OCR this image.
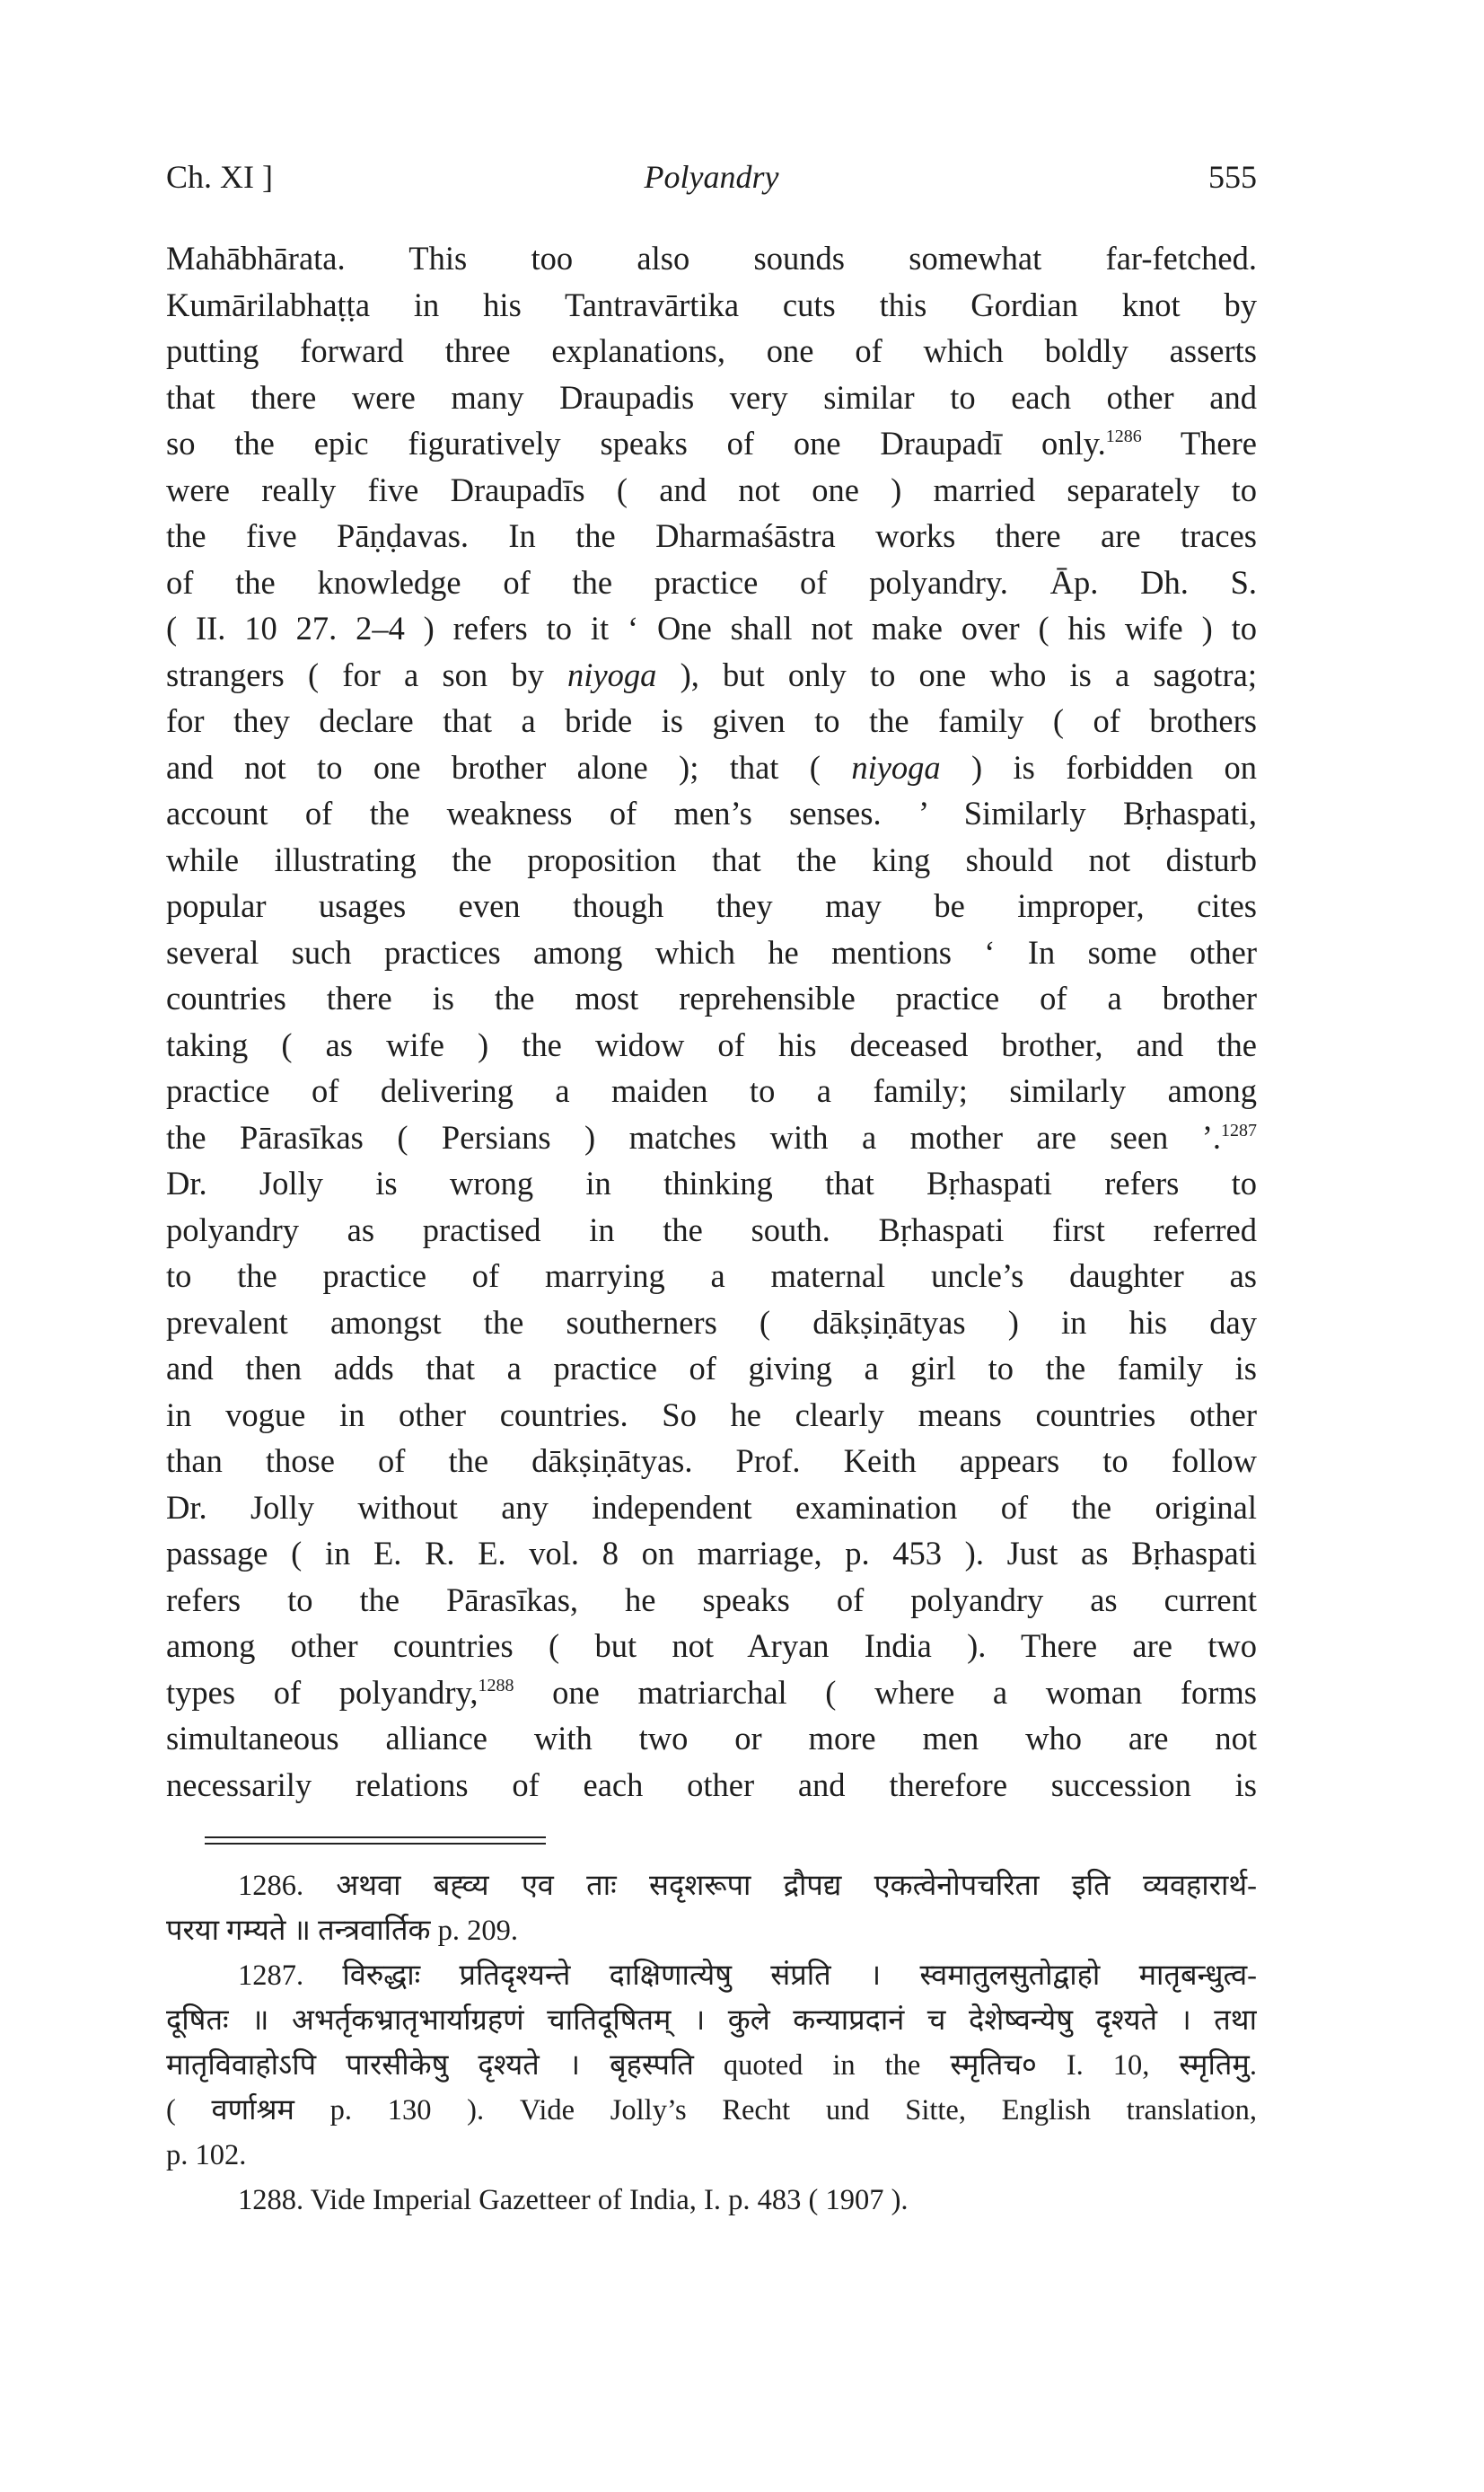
Ch. XI ]	Polyandry	555
Mahābhārata. This too also sounds somewhat far-fetched.
Kumārilabhaṭṭa in his Tantravārtika cuts this Gordian knot by
putting forward three explanations, one of which boldly asserts
that there were many Draupadis very similar to each other and
so the epic figuratively speaks of one Draupadī only.$^{1286}$ There
were really five Draupadīs ( and not one ) married separately to
the five Pāṇḍavas. In the Dharmaśāstra works there are traces
of the knowledge of the practice of polyandry. Āp. Dh. S.
( II. 10 27. 2–4 ) refers to it ‘ One shall not make over ( his wife ) to
strangers ( for a son by niyoga ), but only to one who is a sagotra;
for they declare that a bride is given to the family ( of brothers
and not to one brother alone ); that ( niyoga ) is forbidden on
account of the weakness of men’s senses. ’ Similarly Bṛhaspati,
while illustrating the proposition that the king should not disturb
popular usages even though they may be improper, cites
several such practices among which he mentions ‘ In some other
countries there is the most reprehensible practice of a brother
taking ( as wife ) the widow of his deceased brother, and the
practice of delivering a maiden to a family; similarly among
the Pārasīkas ( Persians ) matches with a mother are seen ’.$^{1287}$
Dr. Jolly is wrong in thinking that Bṛhaspati refers to
polyandry as practised in the south. Bṛhaspati first referred
to the practice of marrying a maternal uncle’s daughter as
prevalent amongst the southerners ( dākṣiṇātyas ) in his day
and then adds that a practice of giving a girl to the family is
in vogue in other countries. So he clearly means countries other
than those of the dākṣiṇātyas. Prof. Keith appears to follow
Dr. Jolly without any independent examination of the original
passage ( in E. R. E. vol. 8 on marriage, p. 453 ). Just as Bṛhaspati
refers to the Pārasīkas, he speaks of polyandry as current
among other countries ( but not Aryan India ). There are two
types of polyandry,$^{1288}$ one matriarchal ( where a woman forms
simultaneous alliance with two or more men who are not
necessarily relations of each other and therefore succession is
1286. अथवा बह्व्य एव ताः सदृशरूपा द्रौपद्य एकत्वेनोपचरिता इति व्यवहारार्थ-
परया गम्यते ॥ तन्त्रवार्तिक p. 209.
1287. विरुद्धाः प्रतिदृश्यन्ते दाक्षिणात्येषु संप्रति । स्वमातुलसुतोद्वाहो मातृबन्धुत्व-
दूषितः ॥ अभर्तृकभ्रातृभार्याग्रहणं चातिदूषितम् । कुले कन्याप्रदानं च देशेष्वन्येषु दृश्यते । तथा
मातृविवाहोऽपि पारसीकेषु दृश्यते । बृहस्पति quoted in the स्मृतिच० I. 10, स्मृतिमु.
( वर्णाश्रम p. 130 ). Vide Jolly’s Recht und Sitte, English translation,
p. 102.
1288. Vide Imperial Gazetteer of India, I. p. 483 ( 1907 ).
